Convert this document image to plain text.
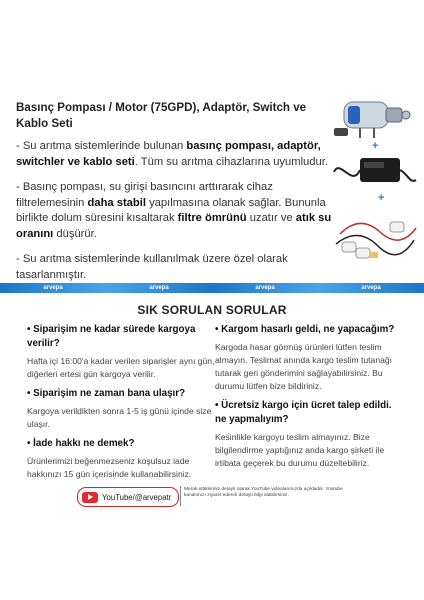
Basınç Pompası / Motor (75GPD), Adaptör, Switch ve Kablo Seti

- Su arıtma sistemlerinde bulunan basınç pompası, adaptör, switchler ve kablo seti. Tüm su arıtma cihazlarına uyumludur.

- Basınç pompası, su girişi basıncını arttırarak cihaz filtrelemesinin daha stabil yapılmasına olanak sağlar. Bununla birlikte dolum süresini kısaltarak filtre ömrünü uzatır ve atık su oranını düşürür.

- Su arıtma sistemlerinde kullanılmak üzere özel olarak tasarlanmıştır.

+
+
arvepa	arvepa	arvepa	arvepa
SIK SORULAN SORULAR
• Siparişim ne kadar sürede kargoya verilir?
Hafta içi 16:00'a kadar verilen siparişler aynı gün, diğerleri ertesi gün kargoya verilir.
• Siparişim ne zaman bana ulaşır?
Kargoya verildikten sonra 1-5 iş günü içinde size ulaşır.
• İade hakkı ne demek?
Ürünlerimizi beğenmezseniz koşulsuz iade hakkınızı 15 gün içerisinde kullanabilirsiniz.
• Kargom hasarlı geldi, ne yapacağım?
Kargoda hasar görmüş ürünleri lütfen teslim almayın. Teslimat anında kargo teslim tutanağı tutarak geri gönderimini sağlayabilirsiniz. Bu durumu lütfen bize bildiriniz.
• Ücretsiz kargo için ücret talep edildi. ne yapmalıyım?
Kesinlikle kargoyu teslim almayınız. Bize bilgilendirme yaptığınız anda kargo şirketi ile irtibata geçerek bu durumu düzeltebiliriz.
YouTube/@arvepatr
Merak ettikleriniz detaylı olarak YouTube videolarımızda açıkladık. Youtube kanalımızı ziyaret ederek detaylı bilgi alabilirsiniz.
